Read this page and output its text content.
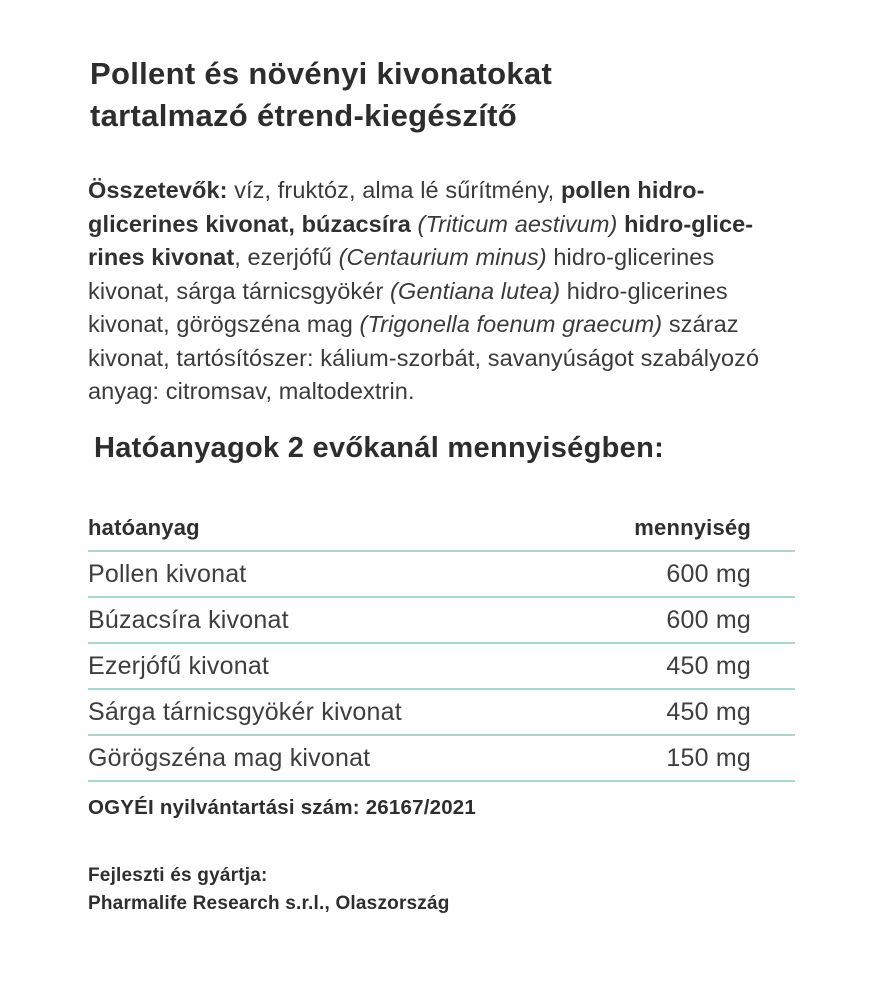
Pollent és növényi kivonatokat
tartalmazó étrend-kiegészítő
Összetevők: víz, fruktóz, alma lé sűrítmény, pollen hidro-
glicerines kivonat, búzacsíra (Triticum aestivum) hidro-glice-
rines kivonat, ezerjófű (Centaurium minus) hidro-glicerines
kivonat, sárga tárnicsgyökér (Gentiana lutea) hidro-glicerines
kivonat, görögszéna mag (Trigonella foenum graecum) száraz
kivonat, tartósítószer: kálium-szorbát, savanyúságot szabályozó
anyag: citromsav, maltodextrin.
Hatóanyagok 2 evőkanál mennyiségben:
hatóanyag	mennyiség
Pollen kivonat	600 mg
Búzacsíra kivonat	600 mg
Ezerjófű kivonat	450 mg
Sárga tárnicsgyökér kivonat	450 mg
Görögszéna mag kivonat	150 mg
OGYÉI nyilvántartási szám: 26167/2021
Fejleszti és gyártja:
Pharmalife Research s.r.l., Olaszország
